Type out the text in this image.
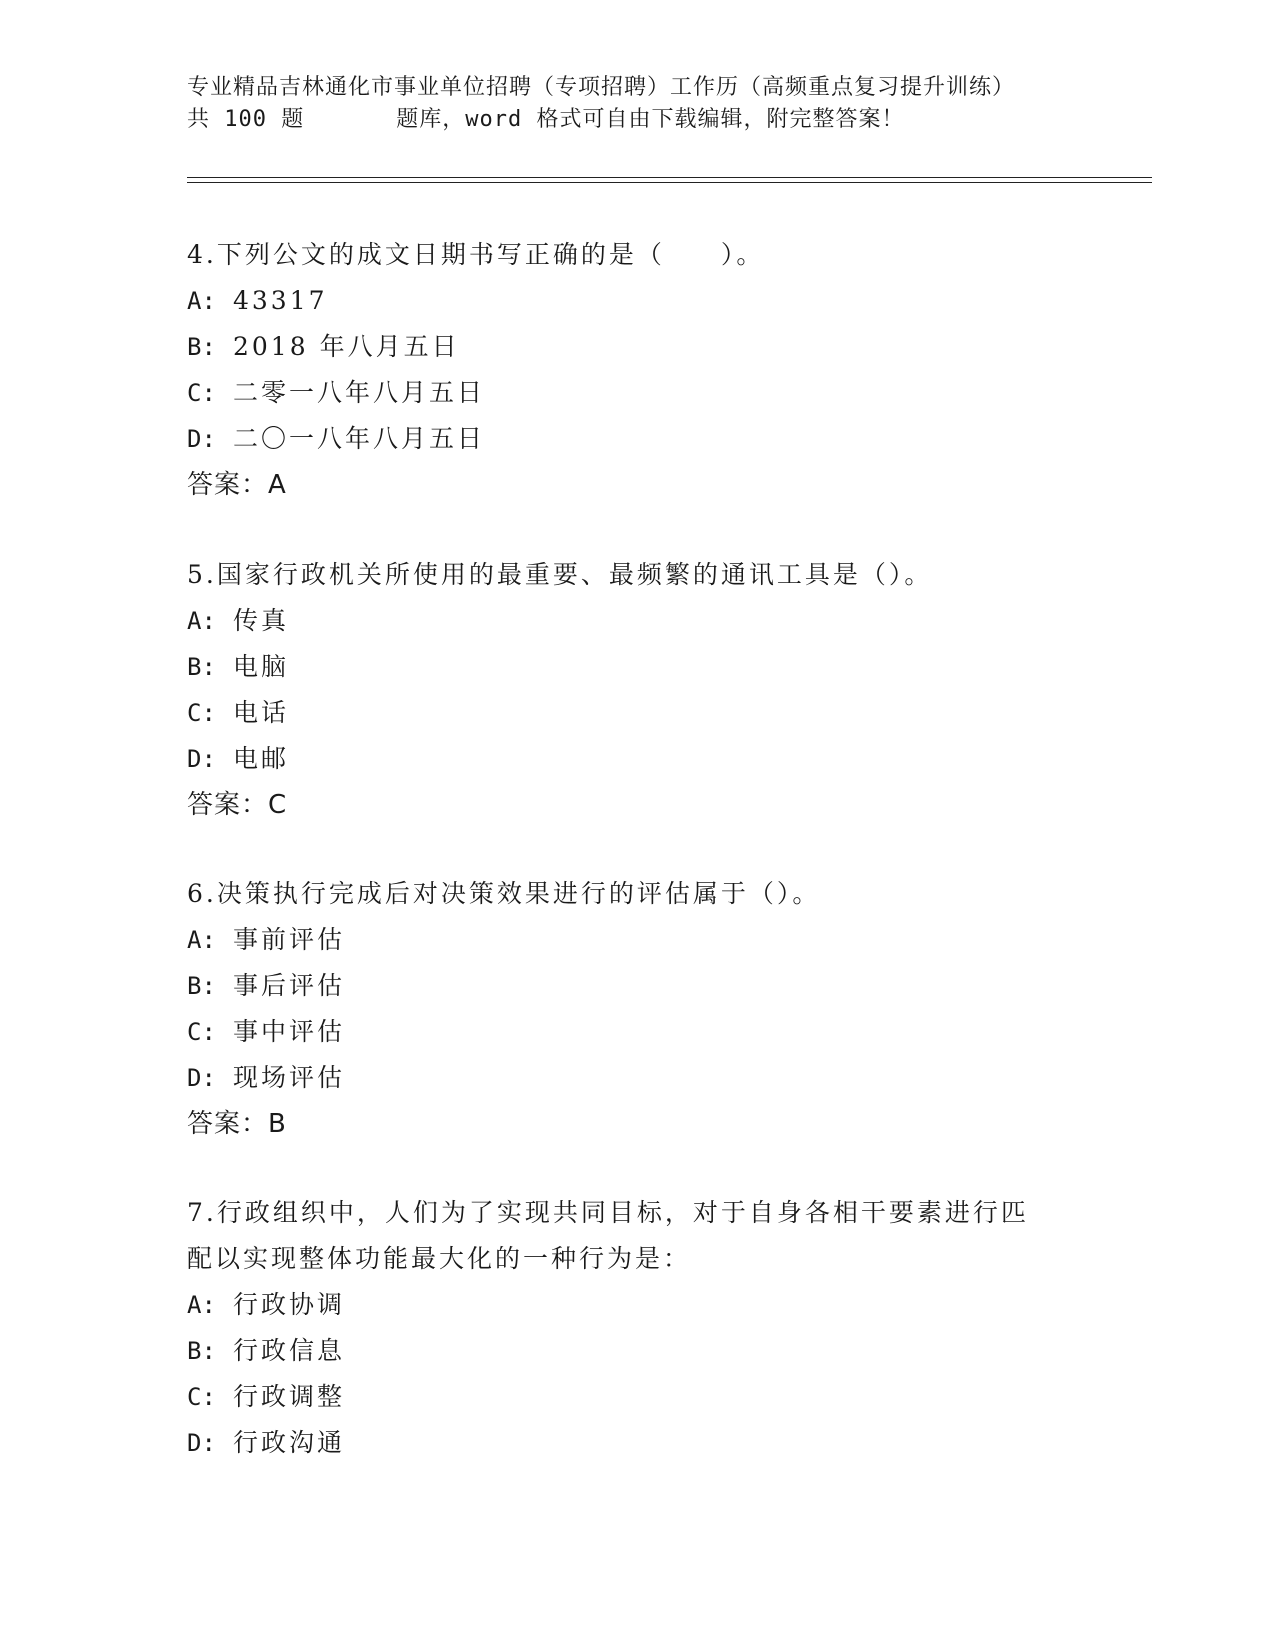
专业精品吉林通化市事业单位招聘（专项招聘）工作历（高频重点复习提升训练）
共 100 题	题库，word 格式可自由下载编辑，附完整答案！

4.下列公文的成文日期书写正确的是（　　）。

A: 43317
B: 2018 年八月五日
C: 二零一八年八月五日
D: 二〇一八年八月五日

答案：A

5.国家行政机关所使用的最重要、最频繁的通讯工具是（）。

A: 传真
B: 电脑
C: 电话
D: 电邮

答案：C

6.决策执行完成后对决策效果进行的评估属于（）。

A: 事前评估
B: 事后评估
C: 事中评估
D: 现场评估

答案：B

7.行政组织中，人们为了实现共同目标，对于自身各相干要素进行匹
配以实现整体功能最大化的一种行为是：

A: 行政协调
B: 行政信息
C: 行政调整
D: 行政沟通
